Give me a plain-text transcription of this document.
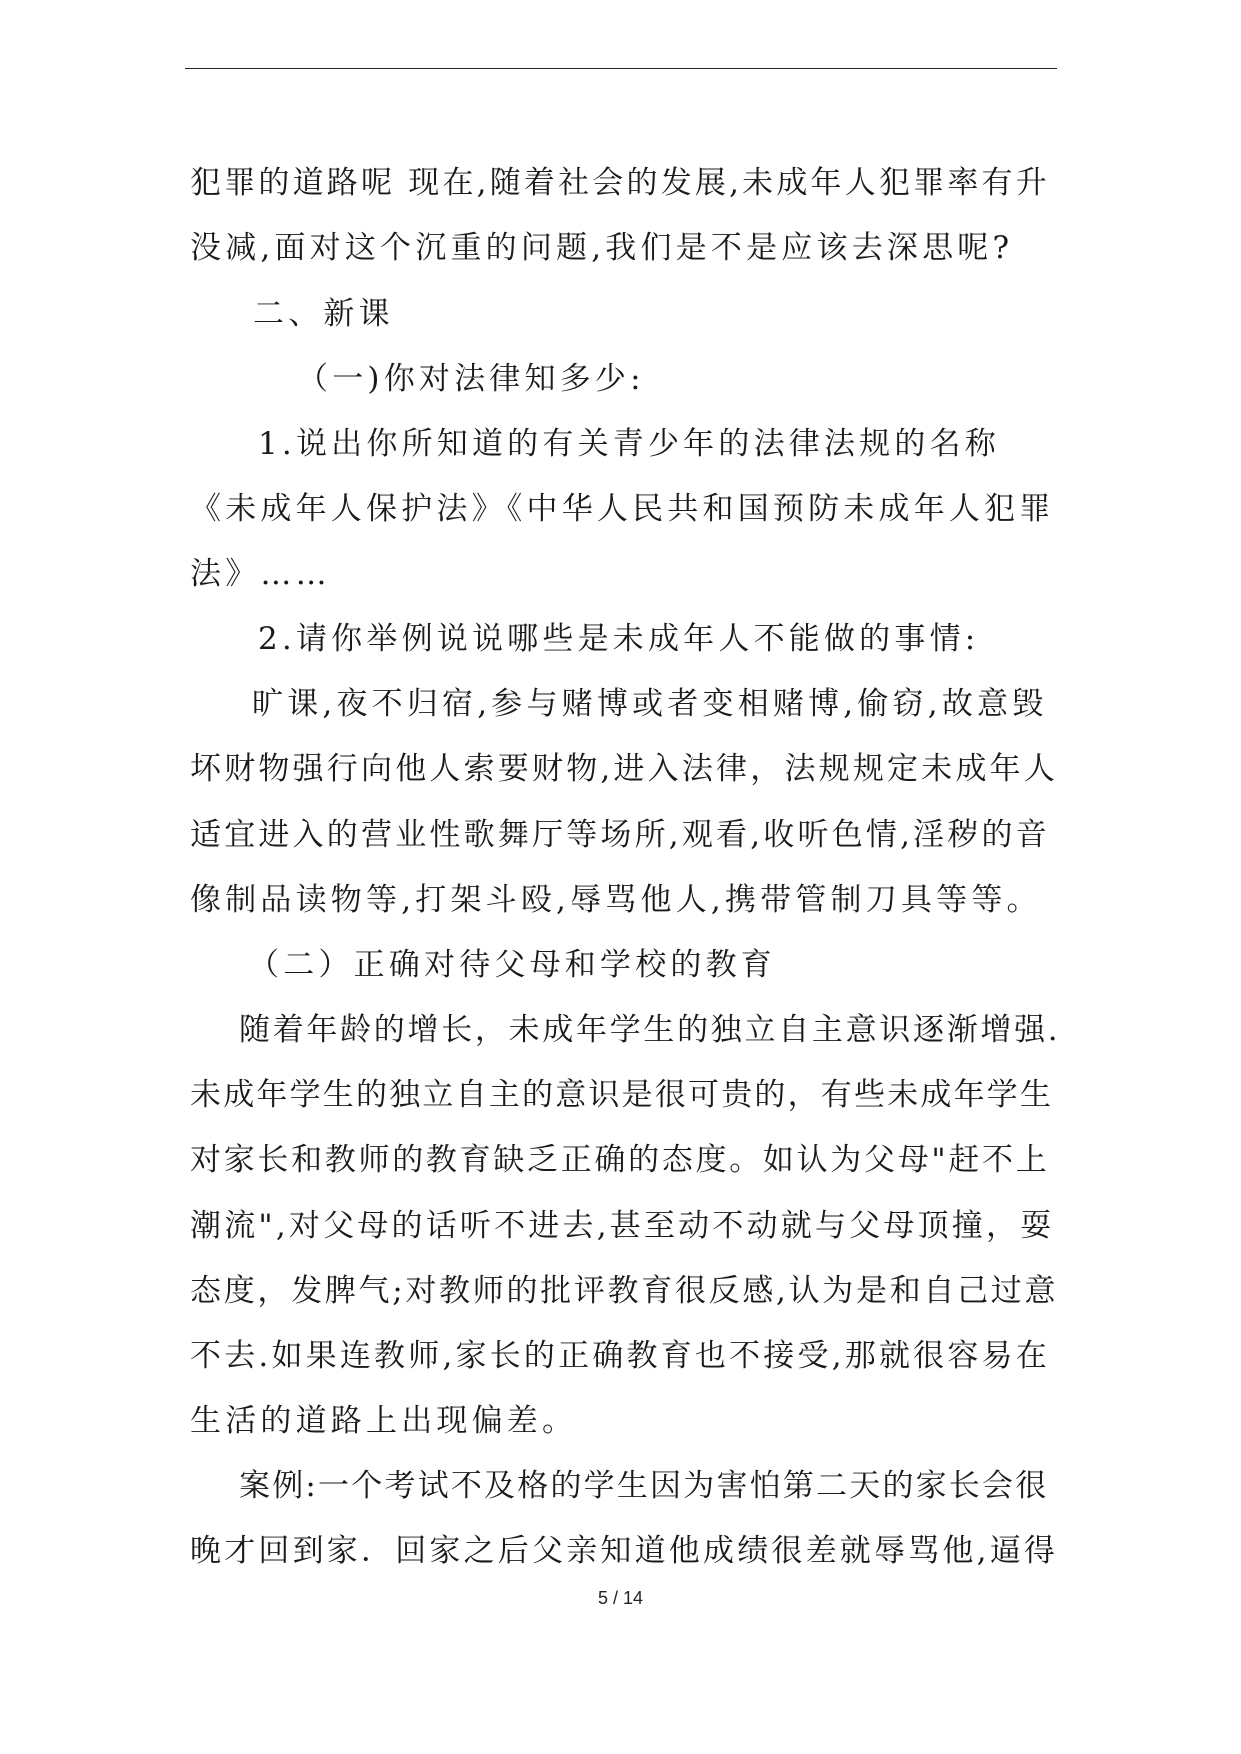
犯罪的道路呢 现在,随着社会的发展,未成年人犯罪率有升
没减,面对这个沉重的问题,我们是不是应该去深思呢?
二、新课
（一)你对法律知多少:
1.说出你所知道的有关青少年的法律法规的名称
《未成年人保护法》《中华人民共和国预防未成年人犯罪
法》……
2.请你举例说说哪些是未成年人不能做的事情:
旷课,夜不归宿,参与赌博或者变相赌博,偷窃,故意毁
坏财物强行向他人索要财物,进入法律，法规规定未成年人
适宜进入的营业性歌舞厅等场所,观看,收听色情,淫秽的音
像制品读物等,打架斗殴,辱骂他人,携带管制刀具等等。
（二）正确对待父母和学校的教育
随着年龄的增长，未成年学生的独立自主意识逐渐增强.
未成年学生的独立自主的意识是很可贵的，有些未成年学生
对家长和教师的教育缺乏正确的态度。如认为父母"赶不上
潮流",对父母的话听不进去,甚至动不动就与父母顶撞，耍
态度，发脾气;对教师的批评教育很反感,认为是和自己过意
不去.如果连教师,家长的正确教育也不接受,那就很容易在
生活的道路上出现偏差。
案例:一个考试不及格的学生因为害怕第二天的家长会很
晚才回到家．回家之后父亲知道他成绩很差就辱骂他,逼得
5 / 14
